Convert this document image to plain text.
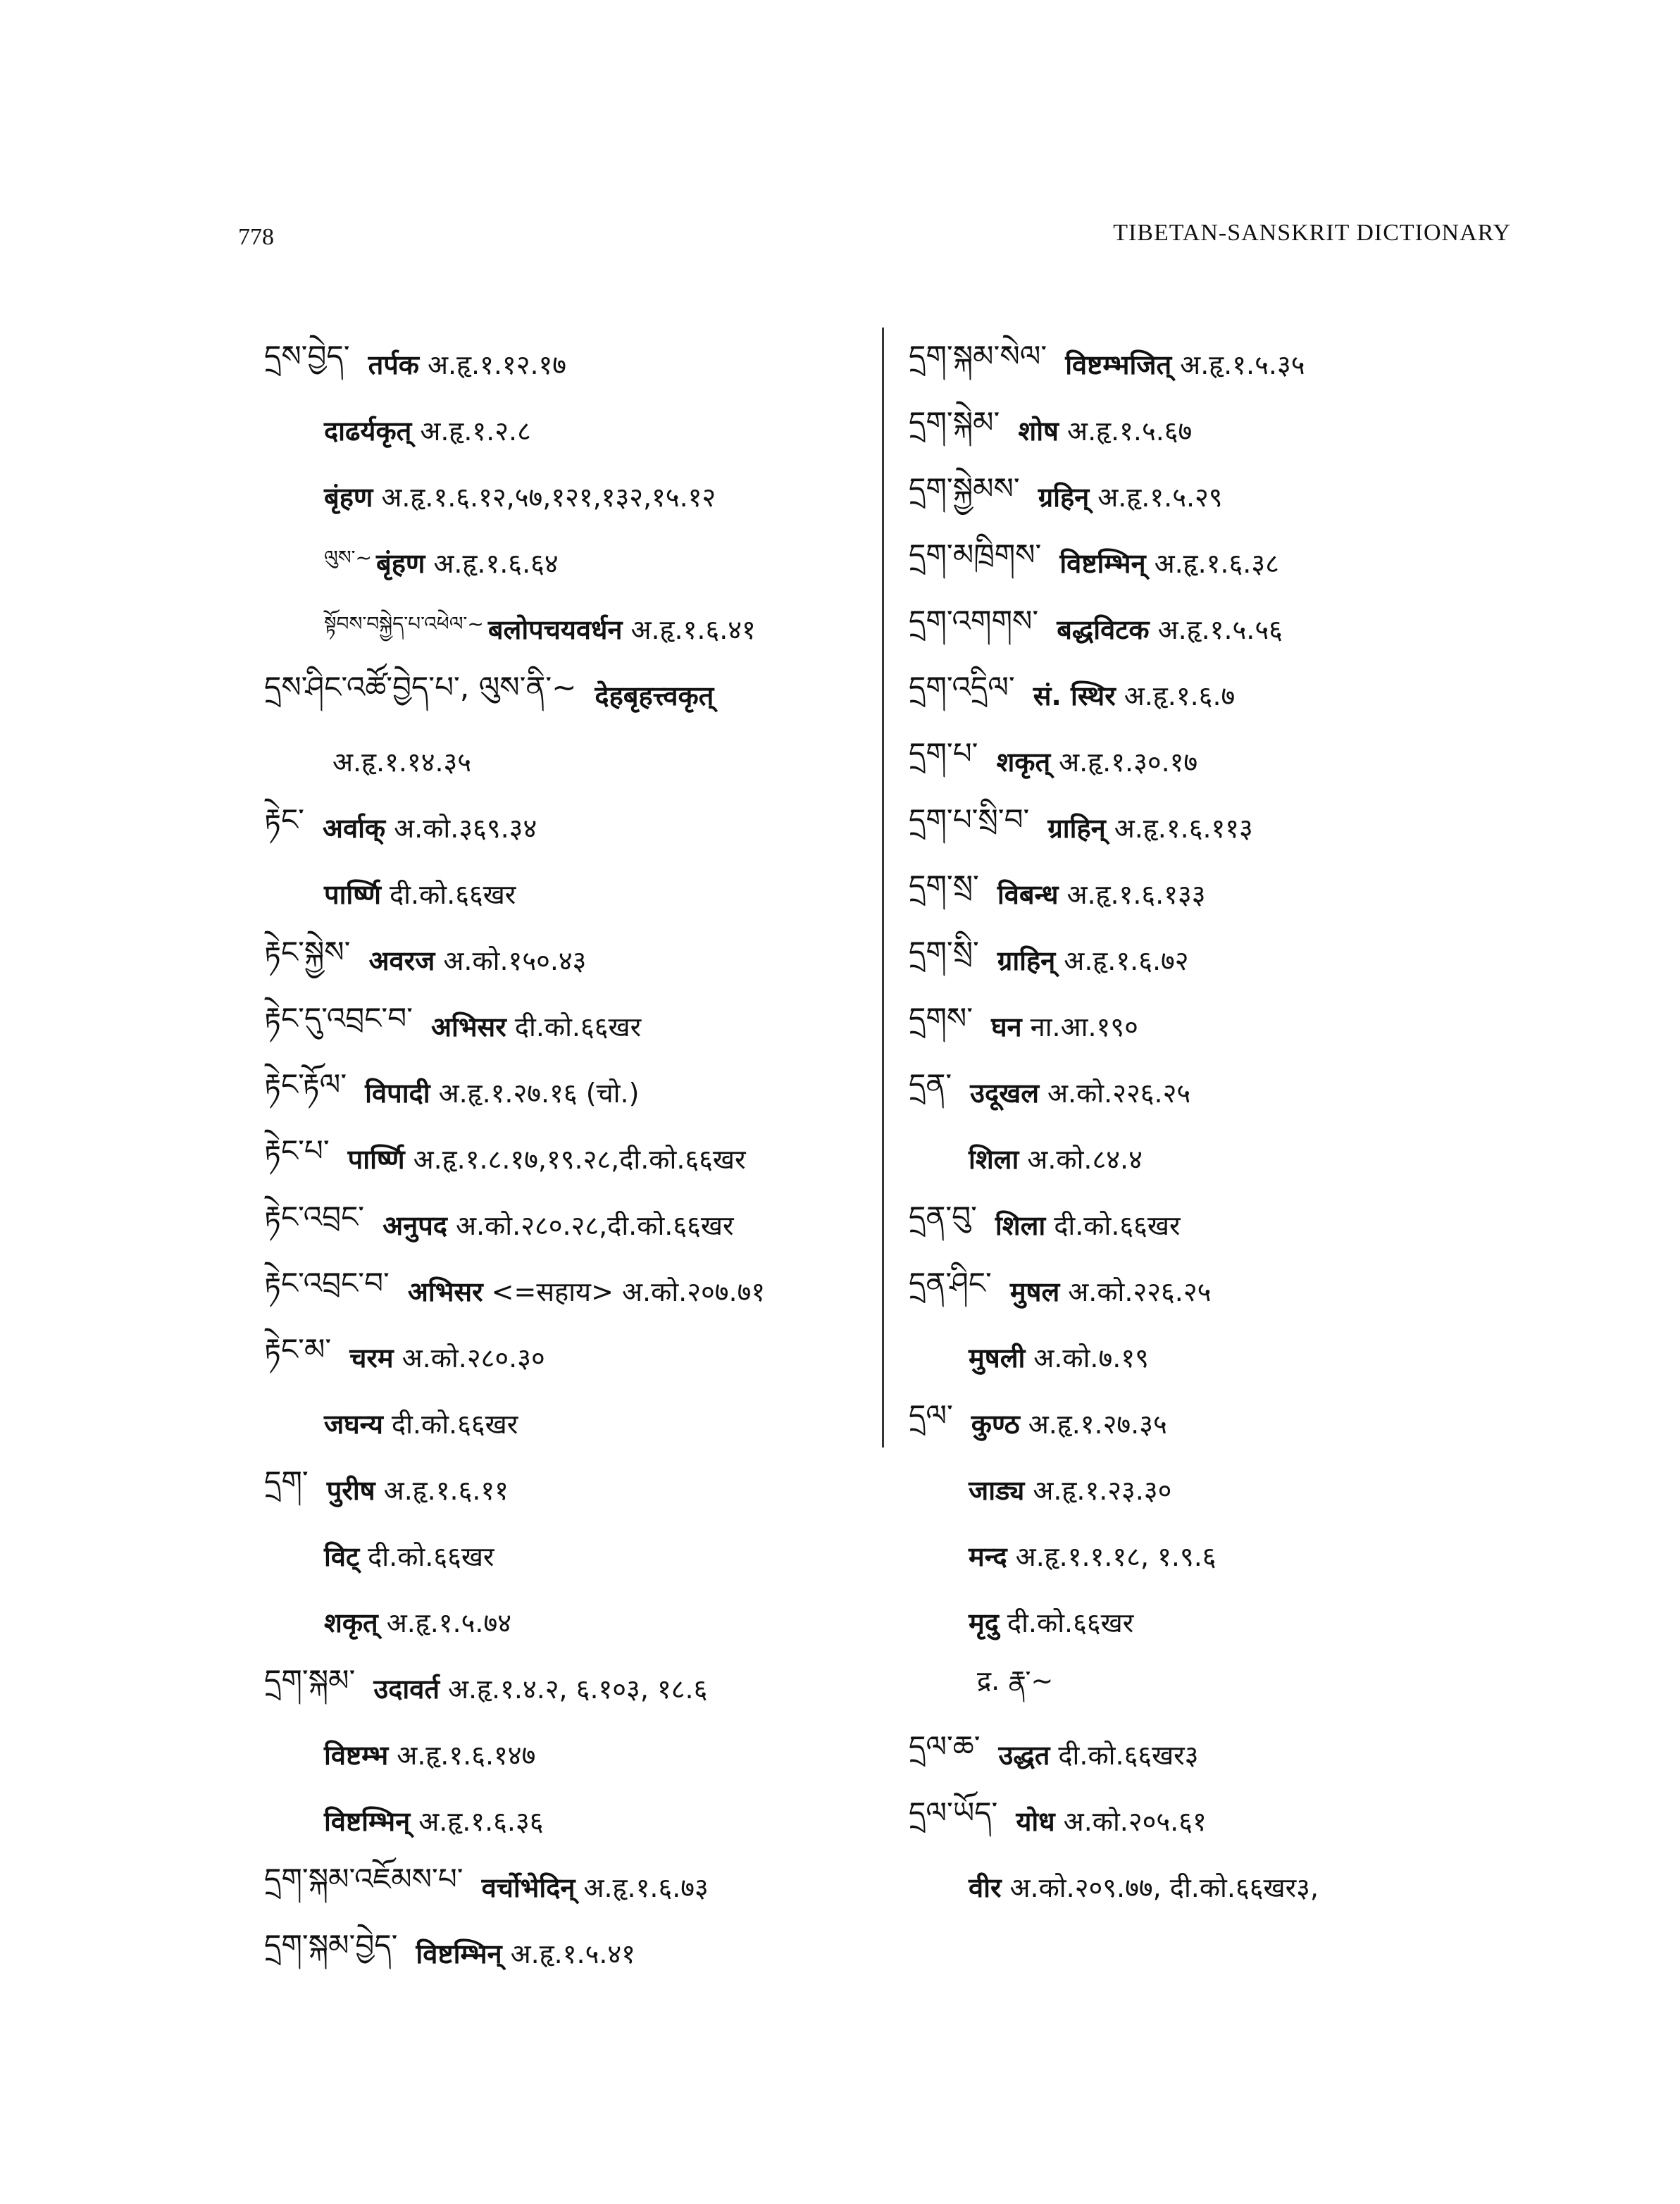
778	TIBETAN-SANSKRIT DICTIONARY
དྲས་བྱེད་ तर्पक अ.हृ.१.१२.१७
दाढर्यकृत् अ.हृ.१.२.८
बृंहण अ.हृ.१.६.१२,५७,१२१,१३२,१५.१२
ལུས་~ बृंहण अ.हृ.१.६.६४
སྟོབས་བསྐྱེད་པ་འཕེལ་~ बलोपचयवर्धन अ.हृ.१.६.४१
དྲས་ཤིང་འཚོ་བྱེད་པ་, ལུས་ནི་~ देहबृहत्त्वकृत्
अ.हृ.१.१४.३५
རྟེང་ अर्वाक् अ.को.३६९.३४
पार्ष्णि दी.को.६६खर
རྟེང་སྐྱེས་ अवरज अ.को.१५०.४३
རྟེང་དུ་འབྲང་བ་ अभिसर दी.को.६६खर
རྟེང་རྟོལ་ विपादी अ.हृ.१.२७.१६ (चो.)
རྟེང་པ་ पार्ष्णि अ.हृ.१.८.१७,१९.२८,दी.को.६६खर
རྟེང་འབྲང་ अनुपद अ.को.२८०.२८,दी.को.६६खर
རྟེང་འབྲང་བ་ अभिसर <=सहाय> अ.को.२०७.७१
རྟེང་མ་ चरम अ.को.२८०.३०
जघन्य दी.को.६६खर
དྲག་ पुरीष अ.हृ.१.६.११
विट् दी.को.६६खर
शकृत् अ.हृ.१.५.७४
དྲག་སྐམ་ उदावर्त अ.हृ.१.४.२, ६.१०३, १८.६
विष्टम्भ अ.हृ.१.६.१४७
विष्टम्भिन् अ.हृ.१.६.३६
དྲག་སྐམ་འཇོམས་པ་ वर्चोभेदिन् अ.हृ.१.६.७३
དྲག་སྐམ་བྱེད་ विष्टम्भिन् अ.हृ.१.५.४१
དྲག་སྐམ་སེལ་ विष्टम्भजित् अ.हृ.१.५.३५
དྲག་སྐེམ་ शोष अ.हृ.१.५.६७
དྲག་སྐྱེམས་ ग्रहिन् अ.हृ.१.५.२९
དྲག་མཁྲིགས་ विष्टम्भिन् अ.हृ.१.६.३८
དྲག་འགགས་ बद्धविटक अ.हृ.१.५.५६
དྲག་འདྲིལ་ सं. स्थिर अ.हृ.१.६.७
དྲག་པ་ शकृत् अ.हृ.१.३०.१७
དྲག་པ་སྲི་བ་ ग्राहिन् अ.हृ.१.६.११३
དྲག་སྲ་ विबन्ध अ.हृ.१.६.१३३
དྲག་སྲི་ ग्राहिन् अ.हृ.१.६.७२
དྲགས་ घन ना.आ.१९०
དྲན་ उदूखल अ.को.२२६.२५
शिला अ.को.८४.४
དྲན་བུ་ शिला दी.को.६६खर
དྲན་ཤིང་ मुषल अ.को.२२६.२५
मुषली अ.को.७.१९
དྲལ་ कुण्ठ अ.हृ.१.२७.३५
जाड्य अ.हृ.१.२३.३०
मन्द अ.हृ.१.१.१८, १.९.६
मृदु दी.को.६६खर
द्र. རྣ་~
དྲལ་ཆ་ उद्धत दी.को.६६खर३
དྲལ་ཡོད་ योध अ.को.२०५.६१
वीर अ.को.२०९.७७, दी.को.६६खर३,
